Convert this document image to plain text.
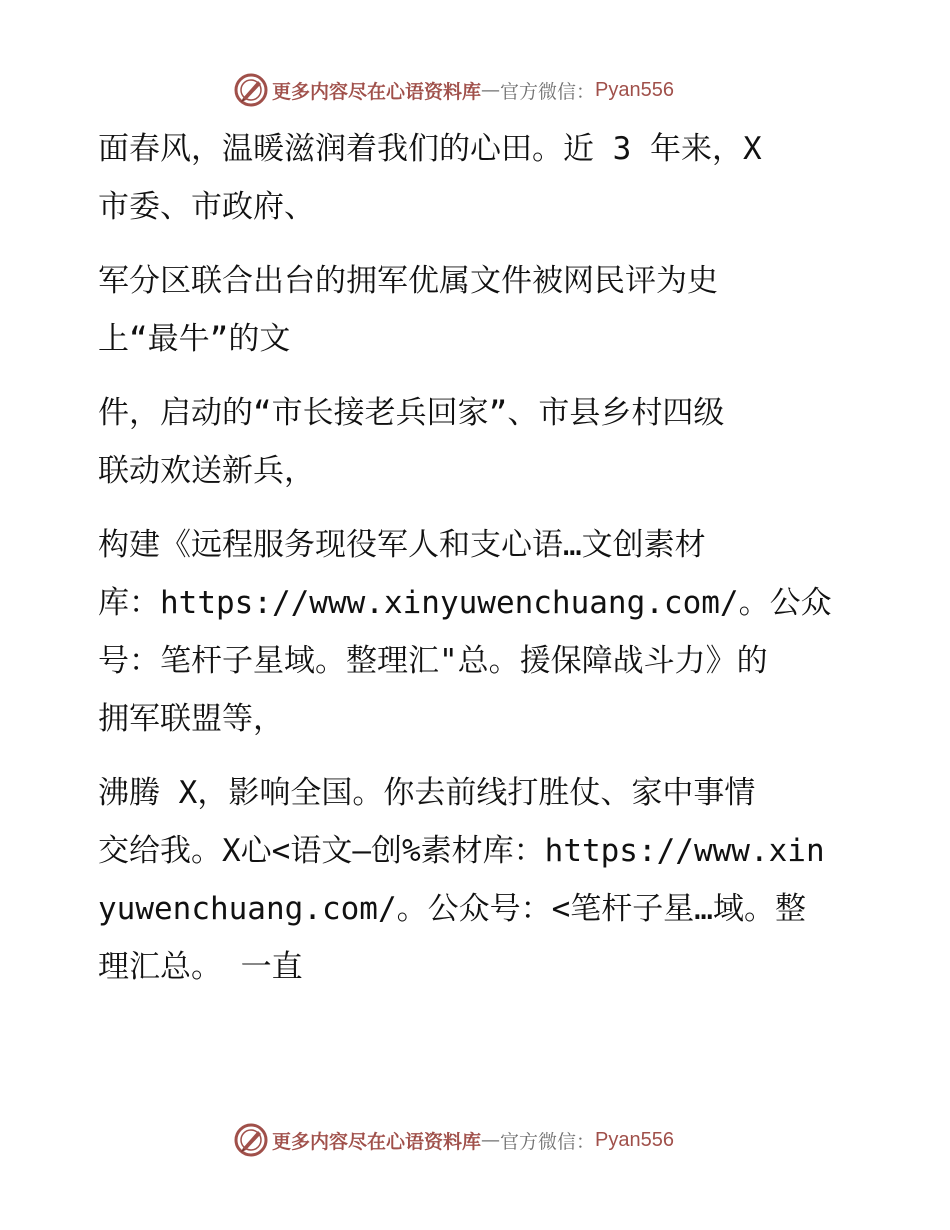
更多内容尽在心语资料库 — 官方微信： Pyan556
面春风，温暖滋润着我们的心田。近 3 年来，X
市委、市政府、
军分区联合出台的拥军优属文件被网民评为史
上“最牛”的文
件，启动的“市长接老兵回家”、市县乡村四级
联动欢送新兵，
构建《远程服务现役军人和支心语…文创素材
库：https://www.xinyuwenchuang.com/。公众
号：笔杆子星域。整理汇"总。援保障战斗力》的
拥军联盟等，
沸腾 X，影响全国。你去前线打胜仗、家中事情
交给我。X心<语文—创%素材库：https://www.xin
yuwenchuang.com/。公众号：<笔杆子星…域。整
理汇总。 一直
更多内容尽在心语资料库 — 官方微信： Pyan556
